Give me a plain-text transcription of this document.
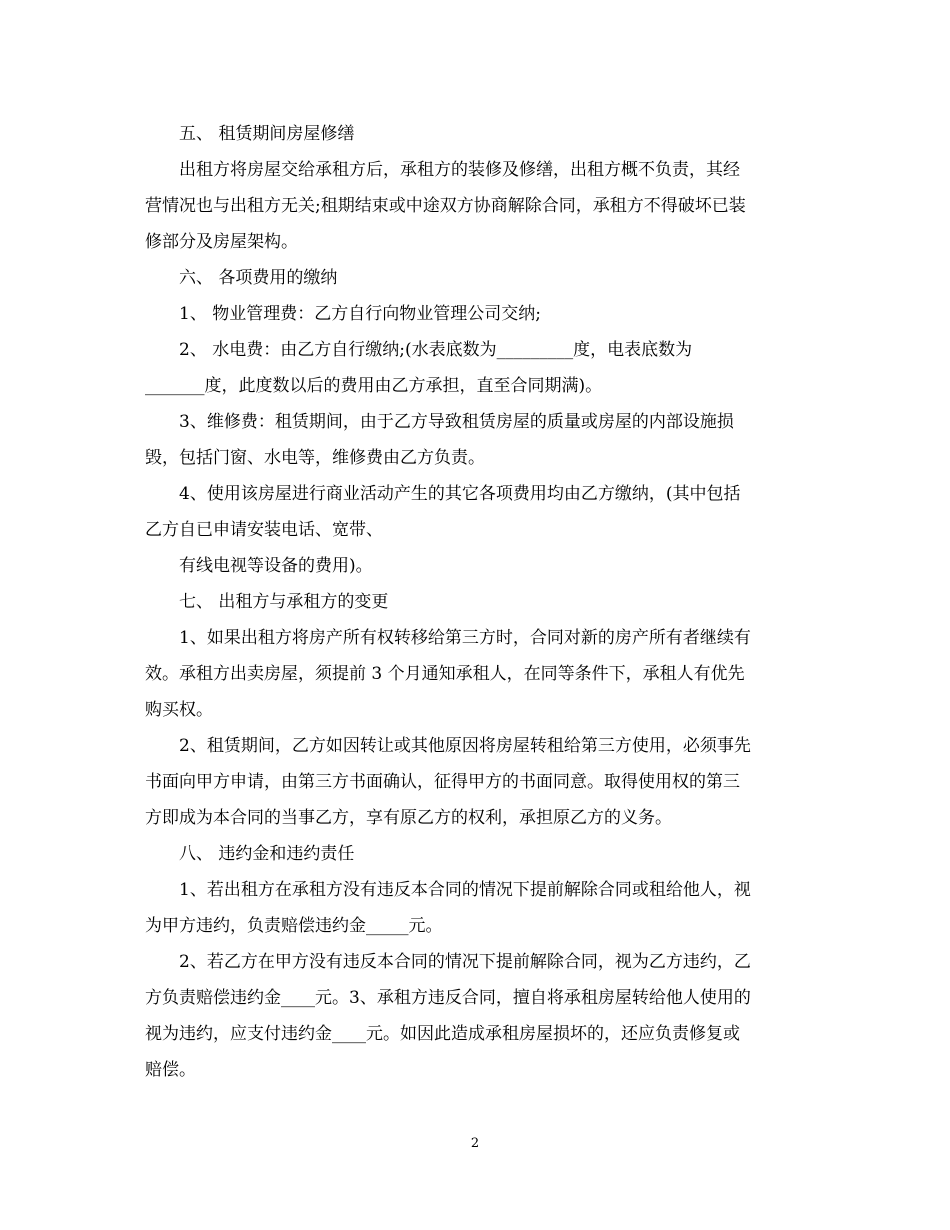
五、 租赁期间房屋修缮
出租方将房屋交给承租方后，承租方的装修及修缮，出租方概不负责，其经
营情况也与出租方无关;租期结束或中途双方协商解除合同，承租方不得破坏已装
修部分及房屋架构。
六、 各项费用的缴纳
1、 物业管理费：乙方自行向物业管理公司交纳;
2、 水电费：由乙方自行缴纳;(水表底数为_________度，电表底数为
_______度，此度数以后的费用由乙方承担，直至合同期满)。
3、维修费：租赁期间，由于乙方导致租赁房屋的质量或房屋的内部设施损
毁，包括门窗、水电等，维修费由乙方负责。
4、使用该房屋进行商业活动产生的其它各项费用均由乙方缴纳，(其中包括
乙方自已申请安装电话、宽带、
有线电视等设备的费用)。
七、 出租方与承租方的变更
1、如果出租方将房产所有权转移给第三方时，合同对新的房产所有者继续有
效。承租方出卖房屋，须提前 3 个月通知承租人，在同等条件下，承租人有优先
购买权。
2、租赁期间，乙方如因转让或其他原因将房屋转租给第三方使用，必须事先
书面向甲方申请，由第三方书面确认，征得甲方的书面同意。取得使用权的第三
方即成为本合同的当事乙方，享有原乙方的权利，承担原乙方的义务。
八、 违约金和违约责任
1、若出租方在承租方没有违反本合同的情况下提前解除合同或租给他人，视
为甲方违约，负责赔偿违约金_____元。
2、若乙方在甲方没有违反本合同的情况下提前解除合同，视为乙方违约，乙
方负责赔偿违约金____元。3、承租方违反合同，擅自将承租房屋转给他人使用的
视为违约，应支付违约金____元。如因此造成承租房屋损坏的，还应负责修复或
赔偿。
2
